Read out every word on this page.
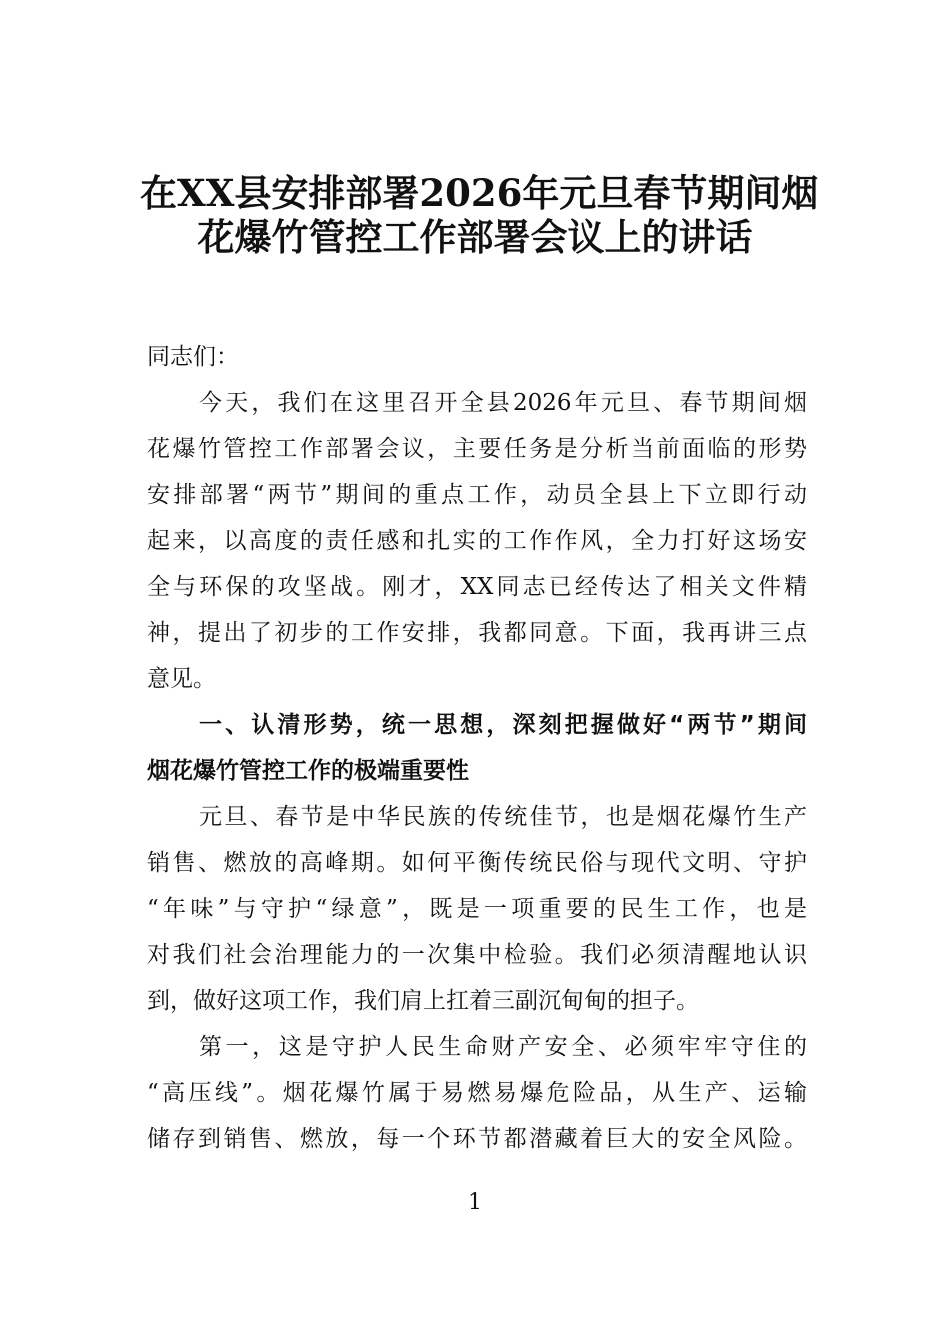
在XX县安排部署2026年元旦春节期间烟
花爆竹管控工作部署会议上的讲话
同志们：
今天，我们在这里召开全县2026年元旦、春节期间烟
花爆竹管控工作部署会议，主要任务是分析当前面临的形势
安排部署“两节”期间的重点工作，动员全县上下立即行动
起来，以高度的责任感和扎实的工作作风，全力打好这场安
全与环保的攻坚战。刚才，XX同志已经传达了相关文件精
神，提出了初步的工作安排，我都同意。下面，我再讲三点
意见。
一、认清形势，统一思想，深刻把握做好“两节”期间
烟花爆竹管控工作的极端重要性
元旦、春节是中华民族的传统佳节，也是烟花爆竹生产
销售、燃放的高峰期。如何平衡传统民俗与现代文明、守护
“年味”与守护“绿意”，既是一项重要的民生工作，也是
对我们社会治理能力的一次集中检验。我们必须清醒地认识
到，做好这项工作，我们肩上扛着三副沉甸甸的担子。
第一，这是守护人民生命财产安全、必须牢牢守住的
“高压线”。烟花爆竹属于易燃易爆危险品，从生产、运输
储存到销售、燃放，每一个环节都潜藏着巨大的安全风险。
1
